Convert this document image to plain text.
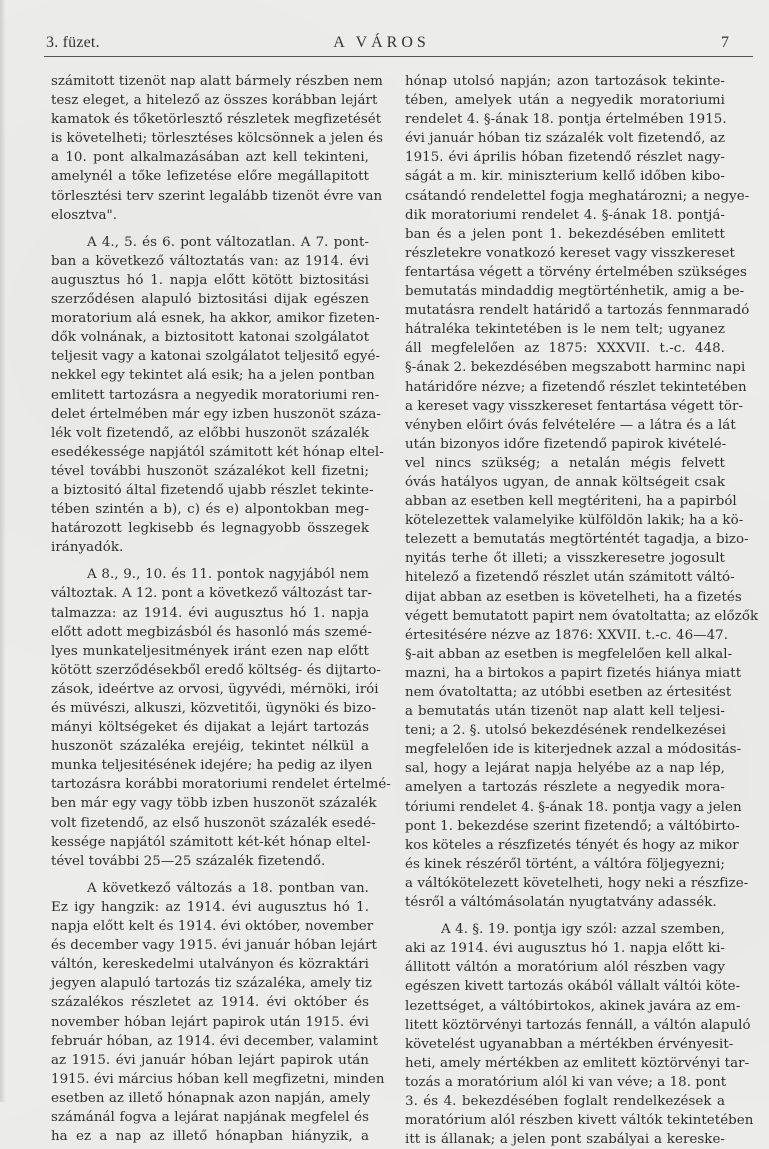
3. füzet.	A VÁROS	7
számitott tizenöt nap alatt bármely részben nem
tesz eleget, a hitelező az összes korábban lejárt
kamatok és tőketörlesztő részletek megfizetését
is követelheti; törlesztéses kölcsönnek a jelen és
a 10. pont alkalmazásában azt kell tekinteni,
amelynél a tőke lefizetése előre megállapitott
törlesztési terv szerint legalább tizenöt évre van
elosztva".
A 4., 5. és 6. pont változatlan. A 7. pont-
ban a következő változtatás van: az 1914. évi
augusztus hó 1. napja előtt kötött biztositási
szerződésen alapuló biztositási dijak egészen
moratorium alá esnek, ha akkor, amikor fizeten-
dők volnának, a biztositott katonai szolgálatot
teljesit vagy a katonai szolgálatot teljesitő egyé-
nekkel egy tekintet alá esik; ha a jelen pontban
emlitett tartozásra a negyedik moratoriumi ren-
delet értelmében már egy izben huszonöt száza-
lék volt fizetendő, az előbbi huszonöt százalék
esedékessége napjától számitott két hónap eltel-
tével további huszonöt százalékot kell fizetni;
a biztositó által fizetendő ujabb részlet tekinte-
tében szintén a b), c) és e) alpontokban meg-
határozott legkisebb és legnagyobb összegek
irányadók.
A 8., 9., 10. és 11. pontok nagyjából nem
változtak. A 12. pont a következő változást tar-
talmazza: az 1914. évi augusztus hó 1. napja
előtt adott megbizásból és hasonló más szemé-
lyes munkateljesitmények iránt ezen nap előtt
kötött szerződésekből eredő költség- és dijtarto-
zások, ideértve az orvosi, ügyvédi, mérnöki, irói
és müvészi, alkuszi, közvetitői, ügynöki és bizo-
mányi költségeket és dijakat a lejárt tartozás
huszonöt százaléka erejéig, tekintet nélkül a
munka teljesitésének idejére; ha pedig az ilyen
tartozásra korábbi moratoriumi rendelet értelmé-
ben már egy vagy több izben huszonöt százalék
volt fizetendő, az első huszonöt százalék esedé-
kessége napjától számitott két-két hónap eltel-
tével további 25—25 százalék fizetendő.
A következő változás a 18. pontban van.
Ez igy hangzik: az 1914. évi augusztus hó 1.
napja előtt kelt és 1914. évi október, november
és december vagy 1915. évi január hóban lejárt
váltón, kereskedelmi utalványon és közraktári
jegyen alapuló tartozás tiz százaléka, amely tiz
százalékos részletet az 1914. évi október és
november hóban lejárt papirok után 1915. évi
február hóban, az 1914. évi december, valamint
az 1915. évi január hóban lejárt papirok után
1915. évi március hóban kell megfizetni, minden
esetben az illető hónapnak azon napján, amely
számánál fogva a lejárat napjának megfelel és
ha ez a nap az illető hónapban hiányzik, a
hónap utolsó napján; azon tartozások tekinte-
tében, amelyek után a negyedik moratoriumi
rendelet 4. §-ának 18. pontja értelmében 1915.
évi január hóban tiz százalék volt fizetendő, az
1915. évi április hóban fizetendő részlet nagy-
ságát a m. kir. miniszterium kellő időben kibo-
csátandó rendelettel fogja meghatározni; a negye-
dik moratoriumi rendelet 4. §-ának 18. pontjá-
ban és a jelen pont 1. bekezdésében emlitett
részletekre vonatkozó kereset vagy visszkereset
fentartása végett a törvény értelmében szükséges
bemutatás mindaddig megtörténhetik, amig a be-
mutatásra rendelt határidő a tartozás fennmaradó
hátraléka tekintetében is le nem telt; ugyanez
áll megfelelően az 1875: XXXVII. t.-c. 448.
§-ának 2. bekezdésében megszabott harminc napi
határidőre nézve; a fizetendő részlet tekintetében
a kereset vagy visszkereset fentartása végett tör-
vényben előirt óvás felvételére — a látra és a lát
után bizonyos időre fizetendő papirok kivételé-
vel nincs szükség; a netalán mégis felvett
óvás hatályos ugyan, de annak költségeit csak
abban az esetben kell megtériteni, ha a papirból
kötelezettek valamelyike külföldön lakik; ha a kö-
telezett a bemutatás megtörténtét tagadja, a bizo-
nyitás terhe őt illeti; a visszkeresetre jogosult
hitelező a fizetendő részlet után számitott váltó-
dijat abban az esetben is követelheti, ha a fizetés
végett bemutatott papirt nem óvatoltatta; az előzők
értesitésére nézve az 1876: XXVII. t.-c. 46—47.
§-ait abban az esetben is megfelelően kell alkal-
mazni, ha a birtokos a papirt fizetés hiánya miatt
nem óvatoltatta; az utóbbi esetben az értesitést
a bemutatás után tizenöt nap alatt kell teljesi-
teni; a 2. §. utolsó bekezdésének rendelkezései
megfelelően ide is kiterjednek azzal a módositás-
sal, hogy a lejárat napja helyébe az a nap lép,
amelyen a tartozás részlete a negyedik mora-
tóriumi rendelet 4. §-ának 18. pontja vagy a jelen
pont 1. bekezdése szerint fizetendő; a váltóbirto-
kos köteles a részfizetés tényét és hogy az mikor
és kinek részéről történt, a váltóra följegyezni;
a váltókötelezett követelheti, hogy neki a részfize-
tésről a váltómásolatán nyugtatvány adassék.
A 4. §. 19. pontja igy szól: azzal szemben,
aki az 1914. évi augusztus hó 1. napja előtt ki-
állitott váltón a moratórium alól részben vagy
egészen kivett tartozás okából vállalt váltói köte-
lezettséget, a váltóbirtokos, akinek javára az em-
litett köztörvényi tartozás fennáll, a váltón alapuló
követelést ugyanabban a mértékben érvényesit-
heti, amely mértékben az emlitett köztörvényi tar-
tozás a moratórium alól ki van véve; a 18. pont
3. és 4. bekezdésében foglalt rendelkezések a
moratórium alól részben kivett váltók tekintetében
itt is állanak; a jelen pont szabályai a kereske-
